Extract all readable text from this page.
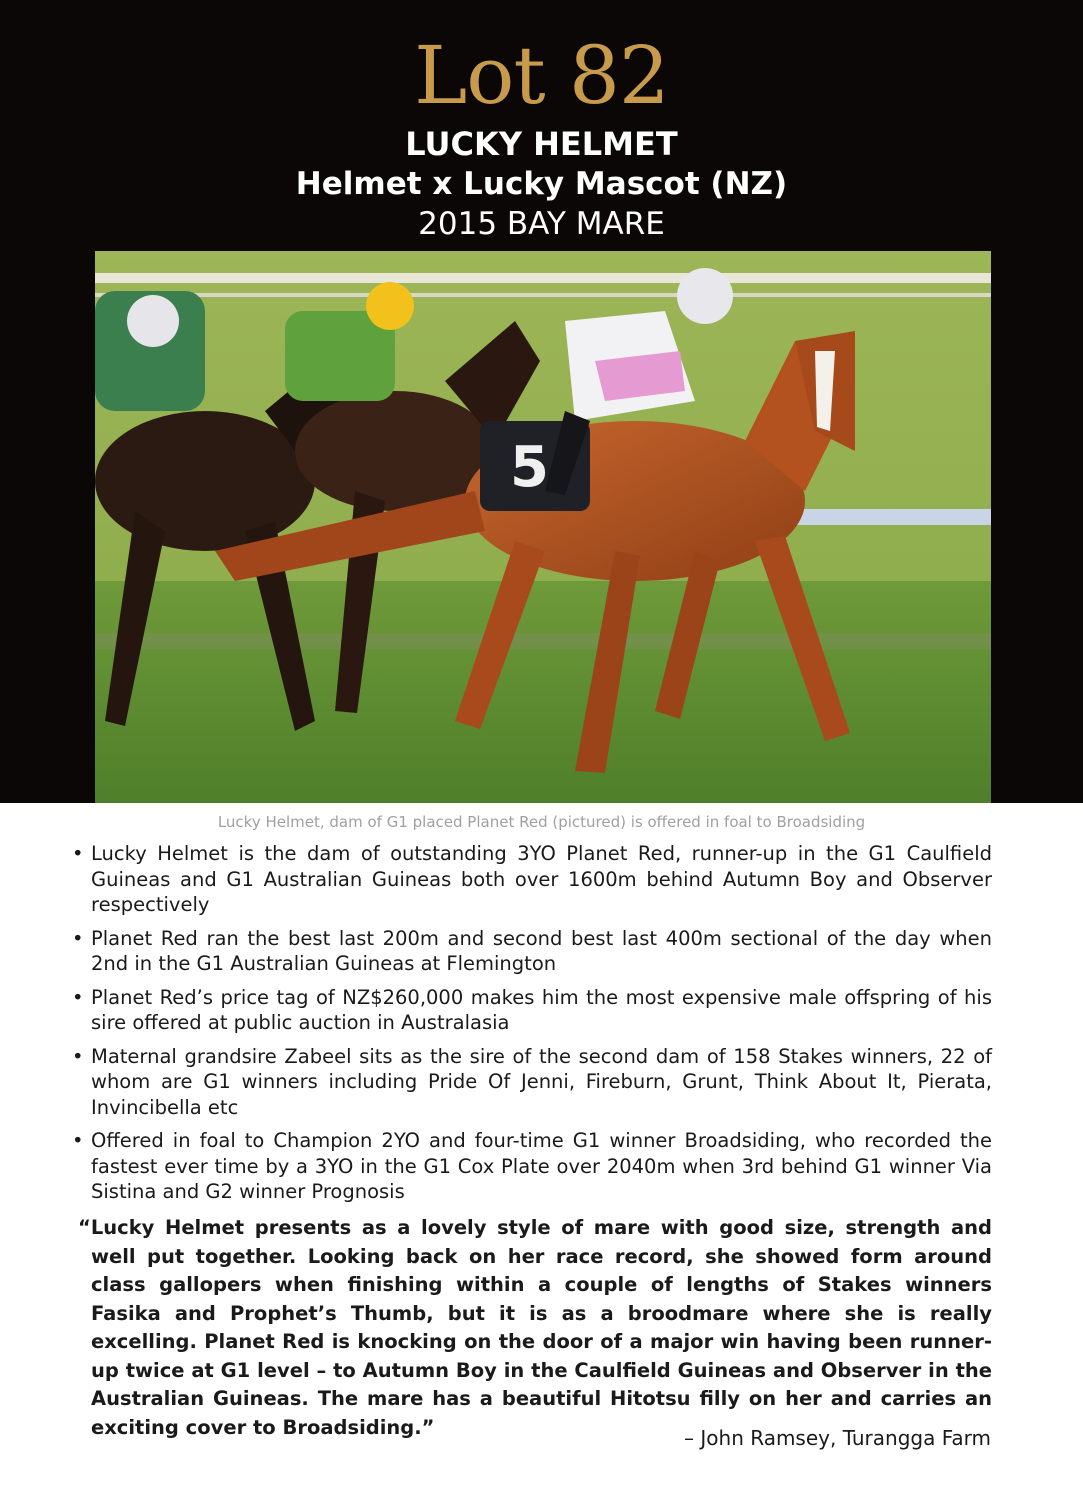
Lot 82
LUCKY HELMET
Helmet x Lucky Mascot (NZ)
2015 BAY MARE
5
Lucky Helmet, dam of G1 placed Planet Red (pictured) is offered in foal to Broadsiding
• Lucky Helmet is the dam of outstanding 3YO Planet Red, runner-up in the G1 Caulfield Guineas and G1 Australian Guineas both over 1600m behind Autumn Boy and Observer respectively
• Planet Red ran the best last 200m and second best last 400m sectional of the day when 2nd in the G1 Australian Guineas at Flemington
• Planet Red’s price tag of NZ$260,000 makes him the most expensive male offspring of his sire offered at public auction in Australasia
• Maternal grandsire Zabeel sits as the sire of the second dam of 158 Stakes winners, 22 of whom are G1 winners including Pride Of Jenni, Fireburn, Grunt, Think About It, Pierata, Invincibella etc
• Offered in foal to Champion 2YO and four-time G1 winner Broadsiding, who recorded the fastest ever time by a 3YO in the G1 Cox Plate over 2040m when 3rd behind G1 winner Via Sistina and G2 winner Prognosis
“Lucky Helmet presents as a lovely style of mare with good size, strength and well put together. Looking back on her race record, she showed form around class gallopers when finishing within a couple of lengths of Stakes winners Fasika and Prophet’s Thumb, but it is as a broodmare where she is really excelling. Planet Red is knocking on the door of a major win having been runner-up twice at G1 level – to Autumn Boy in the Caulfield Guineas and Observer in the Australian Guineas. The mare has a beautiful Hitotsu filly on her and carries an exciting cover to Broadsiding.”	– John Ramsey, Turangga Farm
